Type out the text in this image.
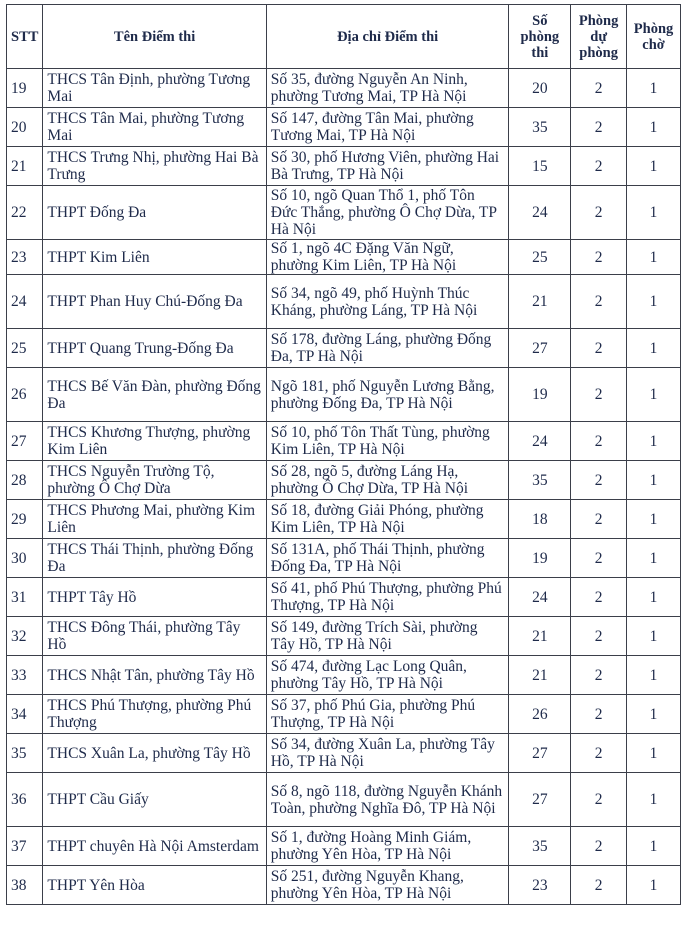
STT	Tên Điểm thi	Địa chỉ Điểm thi	Số phòng thi	Phòng dự phòng	Phòng chờ
19	THCS Tân Định, phường Tương Mai	Số 35, đường Nguyễn An Ninh, phường Tương Mai, TP Hà Nội	20	2	1
20	THCS Tân Mai, phường Tương Mai	Số 147, đường Tân Mai, phường Tương Mai, TP Hà Nội	35	2	1
21	THCS Trưng Nhị, phường Hai Bà Trưng	Số 30, phố Hương Viên, phường Hai Bà Trưng, TP Hà Nội	15	2	1
22	THPT Đống Đa	Số 10, ngõ Quan Thổ 1, phố Tôn Đức Thắng, phường Ô Chợ Dừa, TP Hà Nội	24	2	1
23	THPT Kim Liên	Số 1, ngõ 4C Đặng Văn Ngữ, phường Kim Liên, TP Hà Nội	25	2	1
24	THPT Phan Huy Chú-Đống Đa	Số 34, ngõ 49, phố Huỳnh Thúc Kháng, phường Láng, TP Hà Nội	21	2	1
25	THPT Quang Trung-Đống Đa	Số 178, đường Láng, phường Đống Đa, TP Hà Nội	27	2	1
26	THCS Bế Văn Đàn, phường Đống Đa	Ngõ 181, phố Nguyễn Lương Bằng, phường Đống Đa, TP Hà Nội	19	2	1
27	THCS Khương Thượng, phường Kim Liên	Số 10, phố Tôn Thất Tùng, phường Kim Liên, TP Hà Nội	24	2	1
28	THCS Nguyễn Trường Tộ, phường Ô Chợ Dừa	Số 28, ngõ 5, đường Láng Hạ, phường Ô Chợ Dừa, TP Hà Nội	35	2	1
29	THCS Phương Mai, phường Kim Liên	Số 18, đường Giải Phóng, phường Kim Liên, TP Hà Nội	18	2	1
30	THCS Thái Thịnh, phường Đống Đa	Số 131A, phố Thái Thịnh, phường Đống Đa, TP Hà Nội	19	2	1
31	THPT Tây Hồ	Số 41, phố Phú Thượng, phường Phú Thượng, TP Hà Nội	24	2	1
32	THCS Đông Thái, phường Tây Hồ	Số 149, đường Trích Sài, phường Tây Hồ, TP Hà Nội	21	2	1
33	THCS Nhật Tân, phường Tây Hồ	Số 474, đường Lạc Long Quân, phường Tây Hồ, TP Hà Nội	21	2	1
34	THCS Phú Thượng, phường Phú Thượng	Số 37, phố Phú Gia, phường Phú Thượng, TP Hà Nội	26	2	1
35	THCS Xuân La, phường Tây Hồ	Số 34, đường Xuân La, phường Tây Hồ, TP Hà Nội	27	2	1
36	THPT Cầu Giấy	Số 8, ngõ 118, đường Nguyễn Khánh Toàn, phường Nghĩa Đô, TP Hà Nội	27	2	1
37	THPT chuyên Hà Nội Amsterdam	Số 1, đường Hoàng Minh Giám, phường Yên Hòa, TP Hà Nội	35	2	1
38	THPT Yên Hòa	Số 251, đường Nguyễn Khang, phường Yên Hòa, TP Hà Nội	23	2	1
